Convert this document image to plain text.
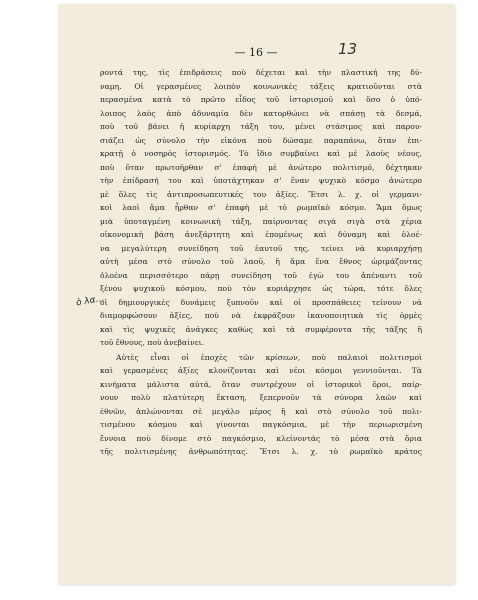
— 16 —	13
ὁ λα…
ροντά της, τὶς ἐπιδράσεις ποὺ δέχεται καὶ τὴν πλαστική της δύ-
ναμη. Οἱ γερασμένες λοιπὸν κοινωνικὲς τάξεις κρατιοῦνται στὰ
περασμένα κατὰ τὸ πρῶτο εἶδος τοῦ ἱστορισμοῦ καὶ ὅσο ὁ ὑπό-
λοιπος λαὸς ἀπὸ ἀδυναμία δὲν κατορθώνει νὰ σπάσῃ τὰ δεσμά,
ποὺ τοῦ βάνει ἡ κυρίαρχη τάξη του, μένει στάσιμος καὶ παρου-
σιάζει ὡς σύνολο τὴν εἰκόνα ποὺ δώσαμε παραπάνω, ὅταν ἐπι-
κρατῇ ὁ νοσηρὸς ἱστορισμός. Τὸ ἴδιο συμβαίνει καὶ μὲ λαοὺς νέους,
ποὺ ὅταν πρωτοῆρθαν σ' ἐπαφὴ μὲ ἀνώτερο πολιτισμό, δέχτηκαν
τὴν ἐπίδρασή του καὶ ὑποτάχτηκαν σ' ἕναν ψυχικὸ κόσμο ἀνώτερο
μὲ ὅλες τὶς ἀντιπροσωπευτικές του ἀξίες. Ἔτσι λ. χ. οἱ γερμανι-
κοὶ λαοὶ ἅμα ἦρθαν σ' ἐπαφὴ μὲ τὸ ρωμαϊκὸ κόσμο. Ἅμα ὅμως
μιὰ ὑποταγμένη κοινωνικὴ τάξη, παίρνοντας σιγὰ σιγὰ στὰ χέρια
οἰκονομικὴ βάση ἀνεξάρτητη καὶ ἐπομένως καὶ δύναμη καὶ ὁλοέ-
να μεγαλύτερη συνείδηση τοῦ ἑαυτοῦ της, τείνει νὰ κυριαρχήσῃ
αὐτὴ μέσα στὸ σύνολο τοῦ λαοῦ, ἢ ἅμα ἕνα ἔθνος ὡριμάζοντας
ὁλοένα περισσότερο πάρῃ συνείδηση τοῦ ἐγὼ του ἀπέναντι τοῦ
ξένου ψυχικοῦ κόσμου, ποὺ τὸν κυριάρχησε ὡς τώρα, τότε ὅλες
οἱ δημιουργικὲς δυνάμεις ξυπνοῦν καὶ οἱ προσπάθειες τείνουν νὰ
διαμορφώσουν ἀξίες, ποὺ νὰ ἐκφράζουν ἱκανοποιητικὰ τὶς ὁρμὲς
καὶ τὶς ψυχικὲς ἀνάγκες καθὼς καὶ τὰ συμφέροντα τῆς τάξης ἢ
τοῦ ἔθνους, ποὺ ἀνεβαίνει.
Αὐτὲς εἶναι οἱ ἐποχὲς τῶν κρίσεων, ποὺ παλαιοὶ πολιτισμοὶ
καὶ γερασμένες ἀξίες κλονίζονται καὶ νέοι κόσμοι γεννιοῦνται. Τὰ
κινήματα μάλιστα αὐτά, ὅταν συντρέχουν οἱ ἱστορικοὶ ὅροι, παίρ-
νουν πολὺ πλατύτερη ἔκταση, ξεπερνοῦν τὰ σύνορα λαῶν καὶ
ἐθνῶν, ἁπλώνονται σὲ μεγάλο μέρος ἢ καὶ στὸ σύνολο τοῦ πολι-
τισμένου κόσμου καὶ γίνονται παγκόσμια, μὲ τὴν περιωρισμένη
ἔννοια ποὺ δίνομε στὸ παγκόσμιο, κλείνοντάς τὸ μέσα στὰ ὅρια
τῆς πολιτισμένης ἀνθρωπότητας. Ἔτσι λ. χ. τὸ ρωμαϊκὸ κράτος
